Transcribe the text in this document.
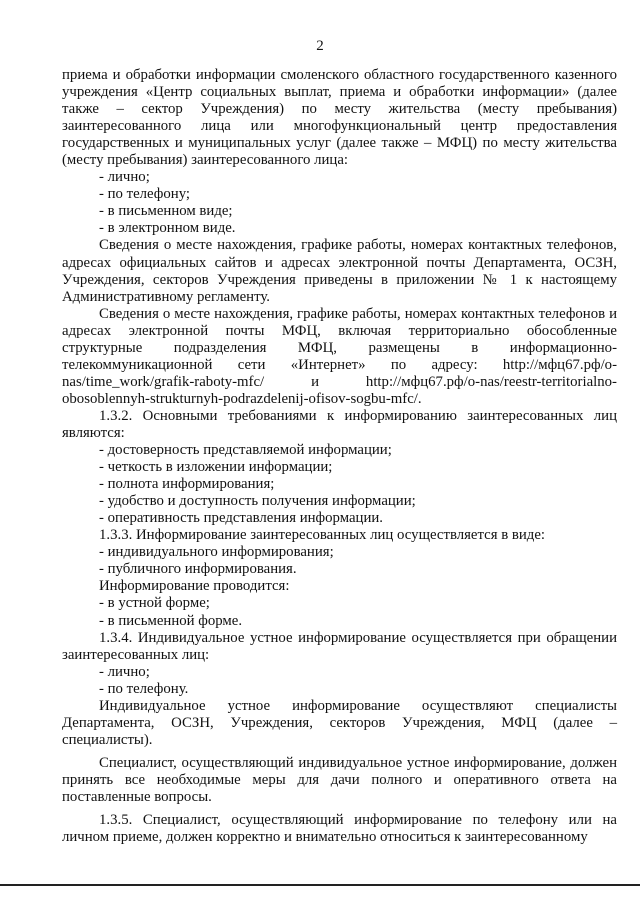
2

приема и обработки информации смоленского областного государственного казенного учреждения «Центр социальных выплат, приема и обработки информации» (далее также – сектор Учреждения) по месту жительства (месту пребывания) заинтересованного лица или многофункциональный центр предоставления государственных и муниципальных услуг (далее также – МФЦ) по месту жительства (месту пребывания) заинтересованного лица:

- лично;

- по телефону;

- в письменном виде;

- в электронном виде.

Сведения о месте нахождения, графике работы, номерах контактных телефонов, адресах официальных сайтов и адресах электронной почты Департамента, ОСЗН, Учреждения, секторов Учреждения приведены в приложении № 1 к настоящему Административному регламенту.

Сведения о месте нахождения, графике работы, номерах контактных телефонов и адресах электронной почты МФЦ, включая территориально обособленные структурные подразделения МФЦ, размещены в информационно-телекоммуникационной сети «Интернет» по адресу: http://мфц67.рф/o-nas/time_work/grafik-raboty-mfc/ и http://мфц67.рф/o-nas/reestr-territorialno-obosoblennyh-strukturnyh-podrazdelenij-ofisov-sogbu-mfc/.

1.3.2. Основными требованиями к информированию заинтересованных лиц являются:

- достоверность представляемой информации;

- четкость в изложении информации;

- полнота информирования;

- удобство и доступность получения информации;

- оперативность представления информации.

1.3.3. Информирование заинтересованных лиц осуществляется в виде:

- индивидуального информирования;

- публичного информирования.

Информирование проводится:

- в устной форме;

- в письменной форме.

1.3.4. Индивидуальное устное информирование осуществляется при обращении заинтересованных лиц:

- лично;

- по телефону.

Индивидуальное устное информирование осуществляют специалисты Департамента, ОСЗН, Учреждения, секторов Учреждения, МФЦ (далее – специалисты).

Специалист, осуществляющий индивидуальное устное информирование, должен принять все необходимые меры для дачи полного и оперативного ответа на поставленные вопросы.

1.3.5. Специалист, осуществляющий информирование по телефону или на личном приеме, должен корректно и внимательно относиться к заинтересованному
